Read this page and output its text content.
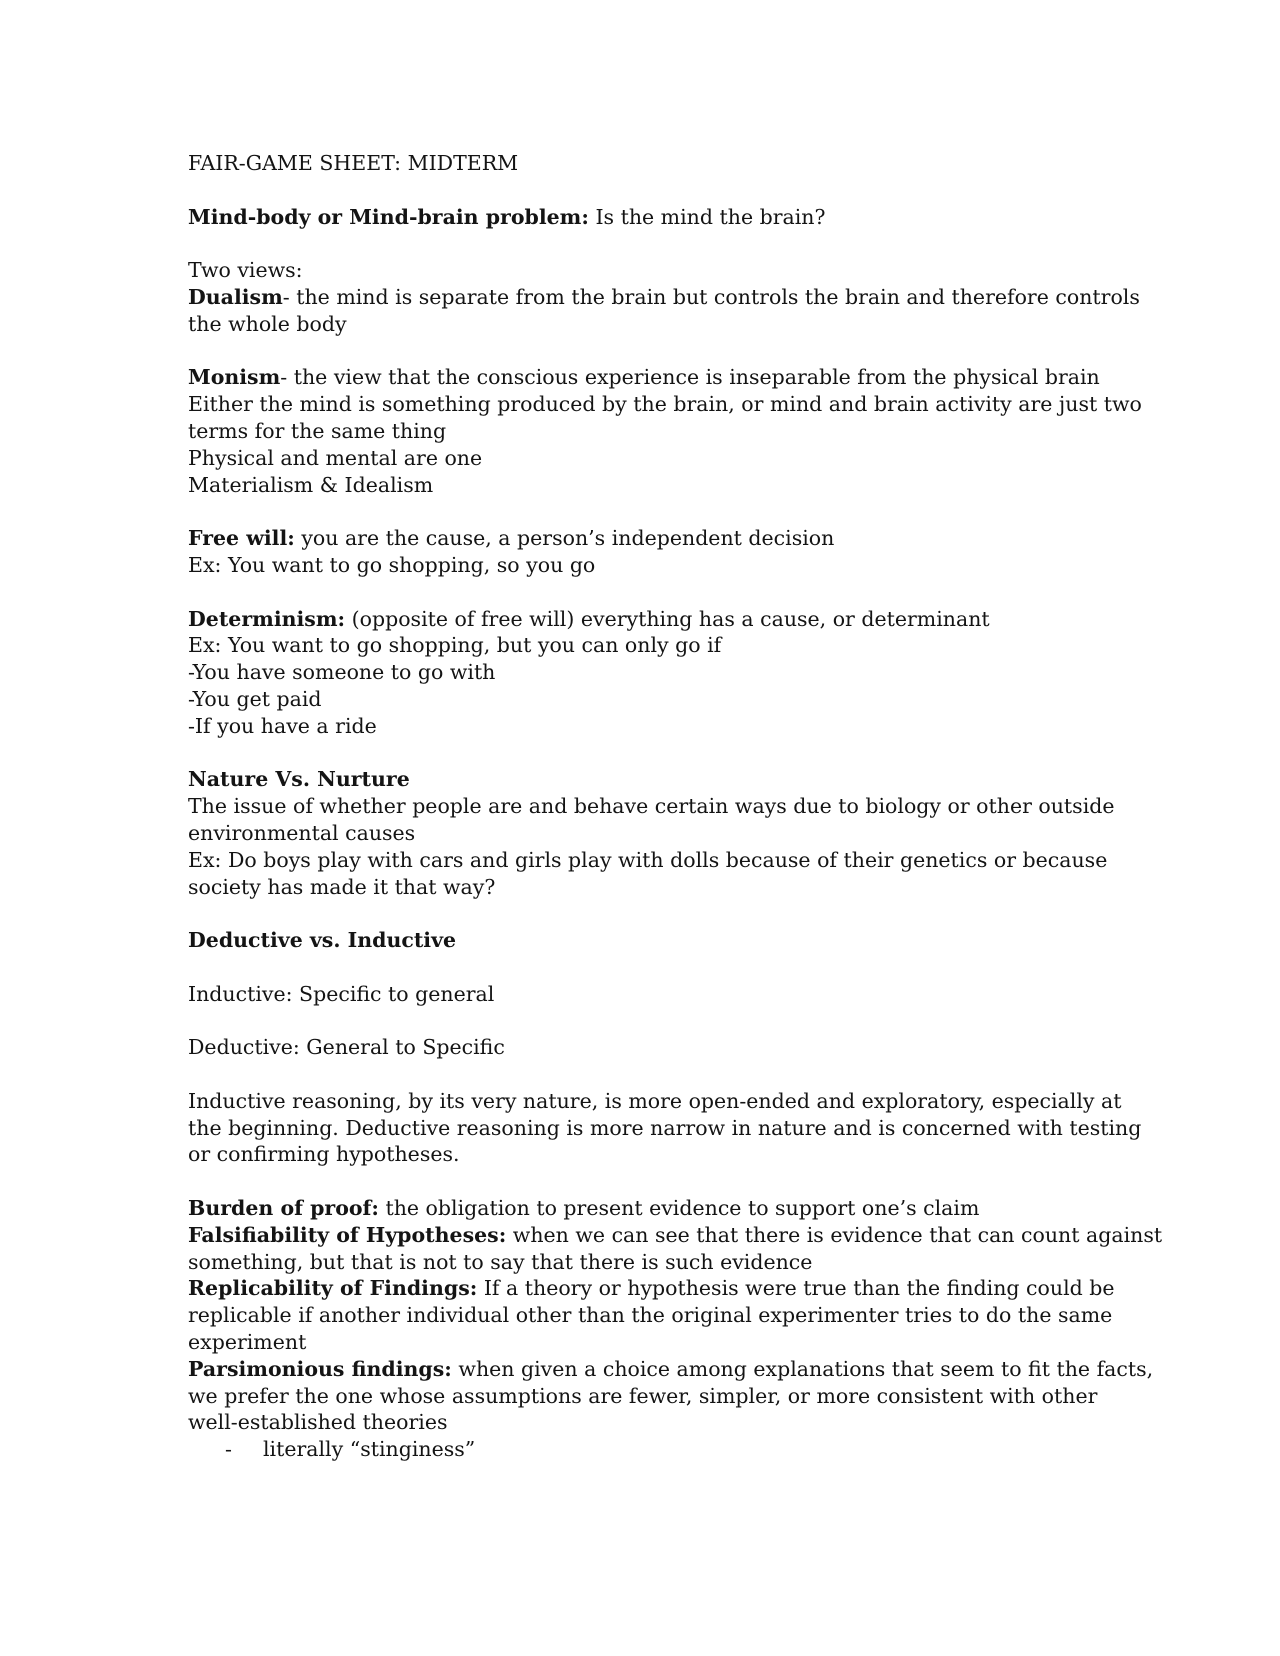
FAIR-GAME SHEET: MIDTERM
Mind-body or Mind-brain problem: Is the mind the brain?
Two views:
Dualism- the mind is separate from the brain but controls the brain and therefore controls
the whole body
Monism- the view that the conscious experience is inseparable from the physical brain
Either the mind is something produced by the brain, or mind and brain activity are just two
terms for the same thing
Physical and mental are one
Materialism & Idealism
Free will: you are the cause, a person’s independent decision
Ex: You want to go shopping, so you go
Determinism: (opposite of free will) everything has a cause, or determinant
Ex: You want to go shopping, but you can only go if
-You have someone to go with
-You get paid
-If you have a ride
Nature Vs. Nurture
The issue of whether people are and behave certain ways due to biology or other outside
environmental causes
Ex: Do boys play with cars and girls play with dolls because of their genetics or because
society has made it that way?
Deductive vs. Inductive
Inductive: Specific to general
Deductive: General to Specific
Inductive reasoning, by its very nature, is more open-ended and exploratory, especially at
the beginning. Deductive reasoning is more narrow in nature and is concerned with testing
or confirming hypotheses.
Burden of proof: the obligation to present evidence to support one’s claim
Falsifiability of Hypotheses: when we can see that there is evidence that can count against
something, but that is not to say that there is such evidence
Replicability of Findings: If a theory or hypothesis were true than the finding could be
replicable if another individual other than the original experimenter tries to do the same
experiment
Parsimonious findings: when given a choice among explanations that seem to fit the facts,
we prefer the one whose assumptions are fewer, simpler, or more consistent with other
well-established theories
- literally “stinginess”
